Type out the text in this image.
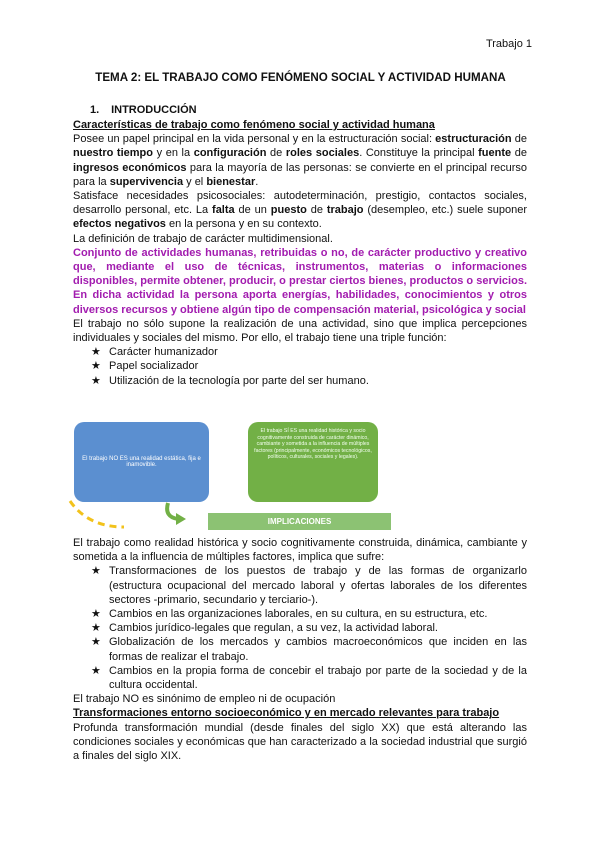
Trabajo 1
TEMA 2: EL TRABAJO COMO FENÓMENO SOCIAL Y ACTIVIDAD HUMANA
1. INTRODUCCIÓN

Características de trabajo como fenómeno social y actividad humana

Posee un papel principal en la vida personal y en la estructuración social: estructuración de nuestro tiempo y en la configuración de roles sociales. Constituye la principal fuente de ingresos económicos para la mayoría de las personas: se convierte en el principal recurso para la supervivencia y el bienestar.

Satisface necesidades psicosociales: autodeterminación, prestigio, contactos sociales, desarrollo personal, etc. La falta de un puesto de trabajo (desempleo, etc.) suele suponer efectos negativos en la persona y en su contexto.

La definición de trabajo de carácter multidimensional.

Conjunto de actividades humanas, retribuidas o no, de carácter productivo y creativo que, mediante el uso de técnicas, instrumentos, materias o informaciones disponibles, permite obtener, producir, o prestar ciertos bienes, productos o servicios. En dicha actividad la persona aporta energías, habilidades, conocimientos y otros diversos recursos y obtiene algún tipo de compensación material, psicológica y social

El trabajo no sólo supone la realización de una actividad, sino que implica percepciones individuales y sociales del mismo. Por ello, el trabajo tiene una triple función:

★ Carácter humanizador
★ Papel socializador
★ Utilización de la tecnología por parte del ser humano.
El trabajo NO ES una realidad estática, fija e inamovible.
El trabajo SÍ ES una realidad histórica y socio cognitivamente construida de carácter dinámico, cambiante y sometida a la influencia de múltiples factores (principalmente, económicos tecnológicos, políticos, culturales, sociales y legales).
IMPLICACIONES

El trabajo como realidad histórica y socio cognitivamente construida, dinámica, cambiante y sometida a la influencia de múltiples factores, implica que sufre:

★ Transformaciones de los puestos de trabajo y de las formas de organizarlo (estructura ocupacional del mercado laboral y ofertas laborales de los diferentes sectores -primario, secundario y terciario-).
★ Cambios en las organizaciones laborales, en su cultura, en su estructura, etc.
★ Cambios jurídico-legales que regulan, a su vez, la actividad laboral.
★ Globalización de los mercados y cambios macroeconómicos que inciden en las formas de realizar el trabajo.
★ Cambios en la propia forma de concebir el trabajo por parte de la sociedad y de la cultura occidental.

El trabajo NO es sinónimo de empleo ni de ocupación

Transformaciones entorno socioeconómico y en mercado relevantes para trabajo

Profunda transformación mundial (desde finales del siglo XX) que está alterando las condiciones sociales y económicas que han caracterizado a la sociedad industrial que surgió a finales del siglo XIX.
